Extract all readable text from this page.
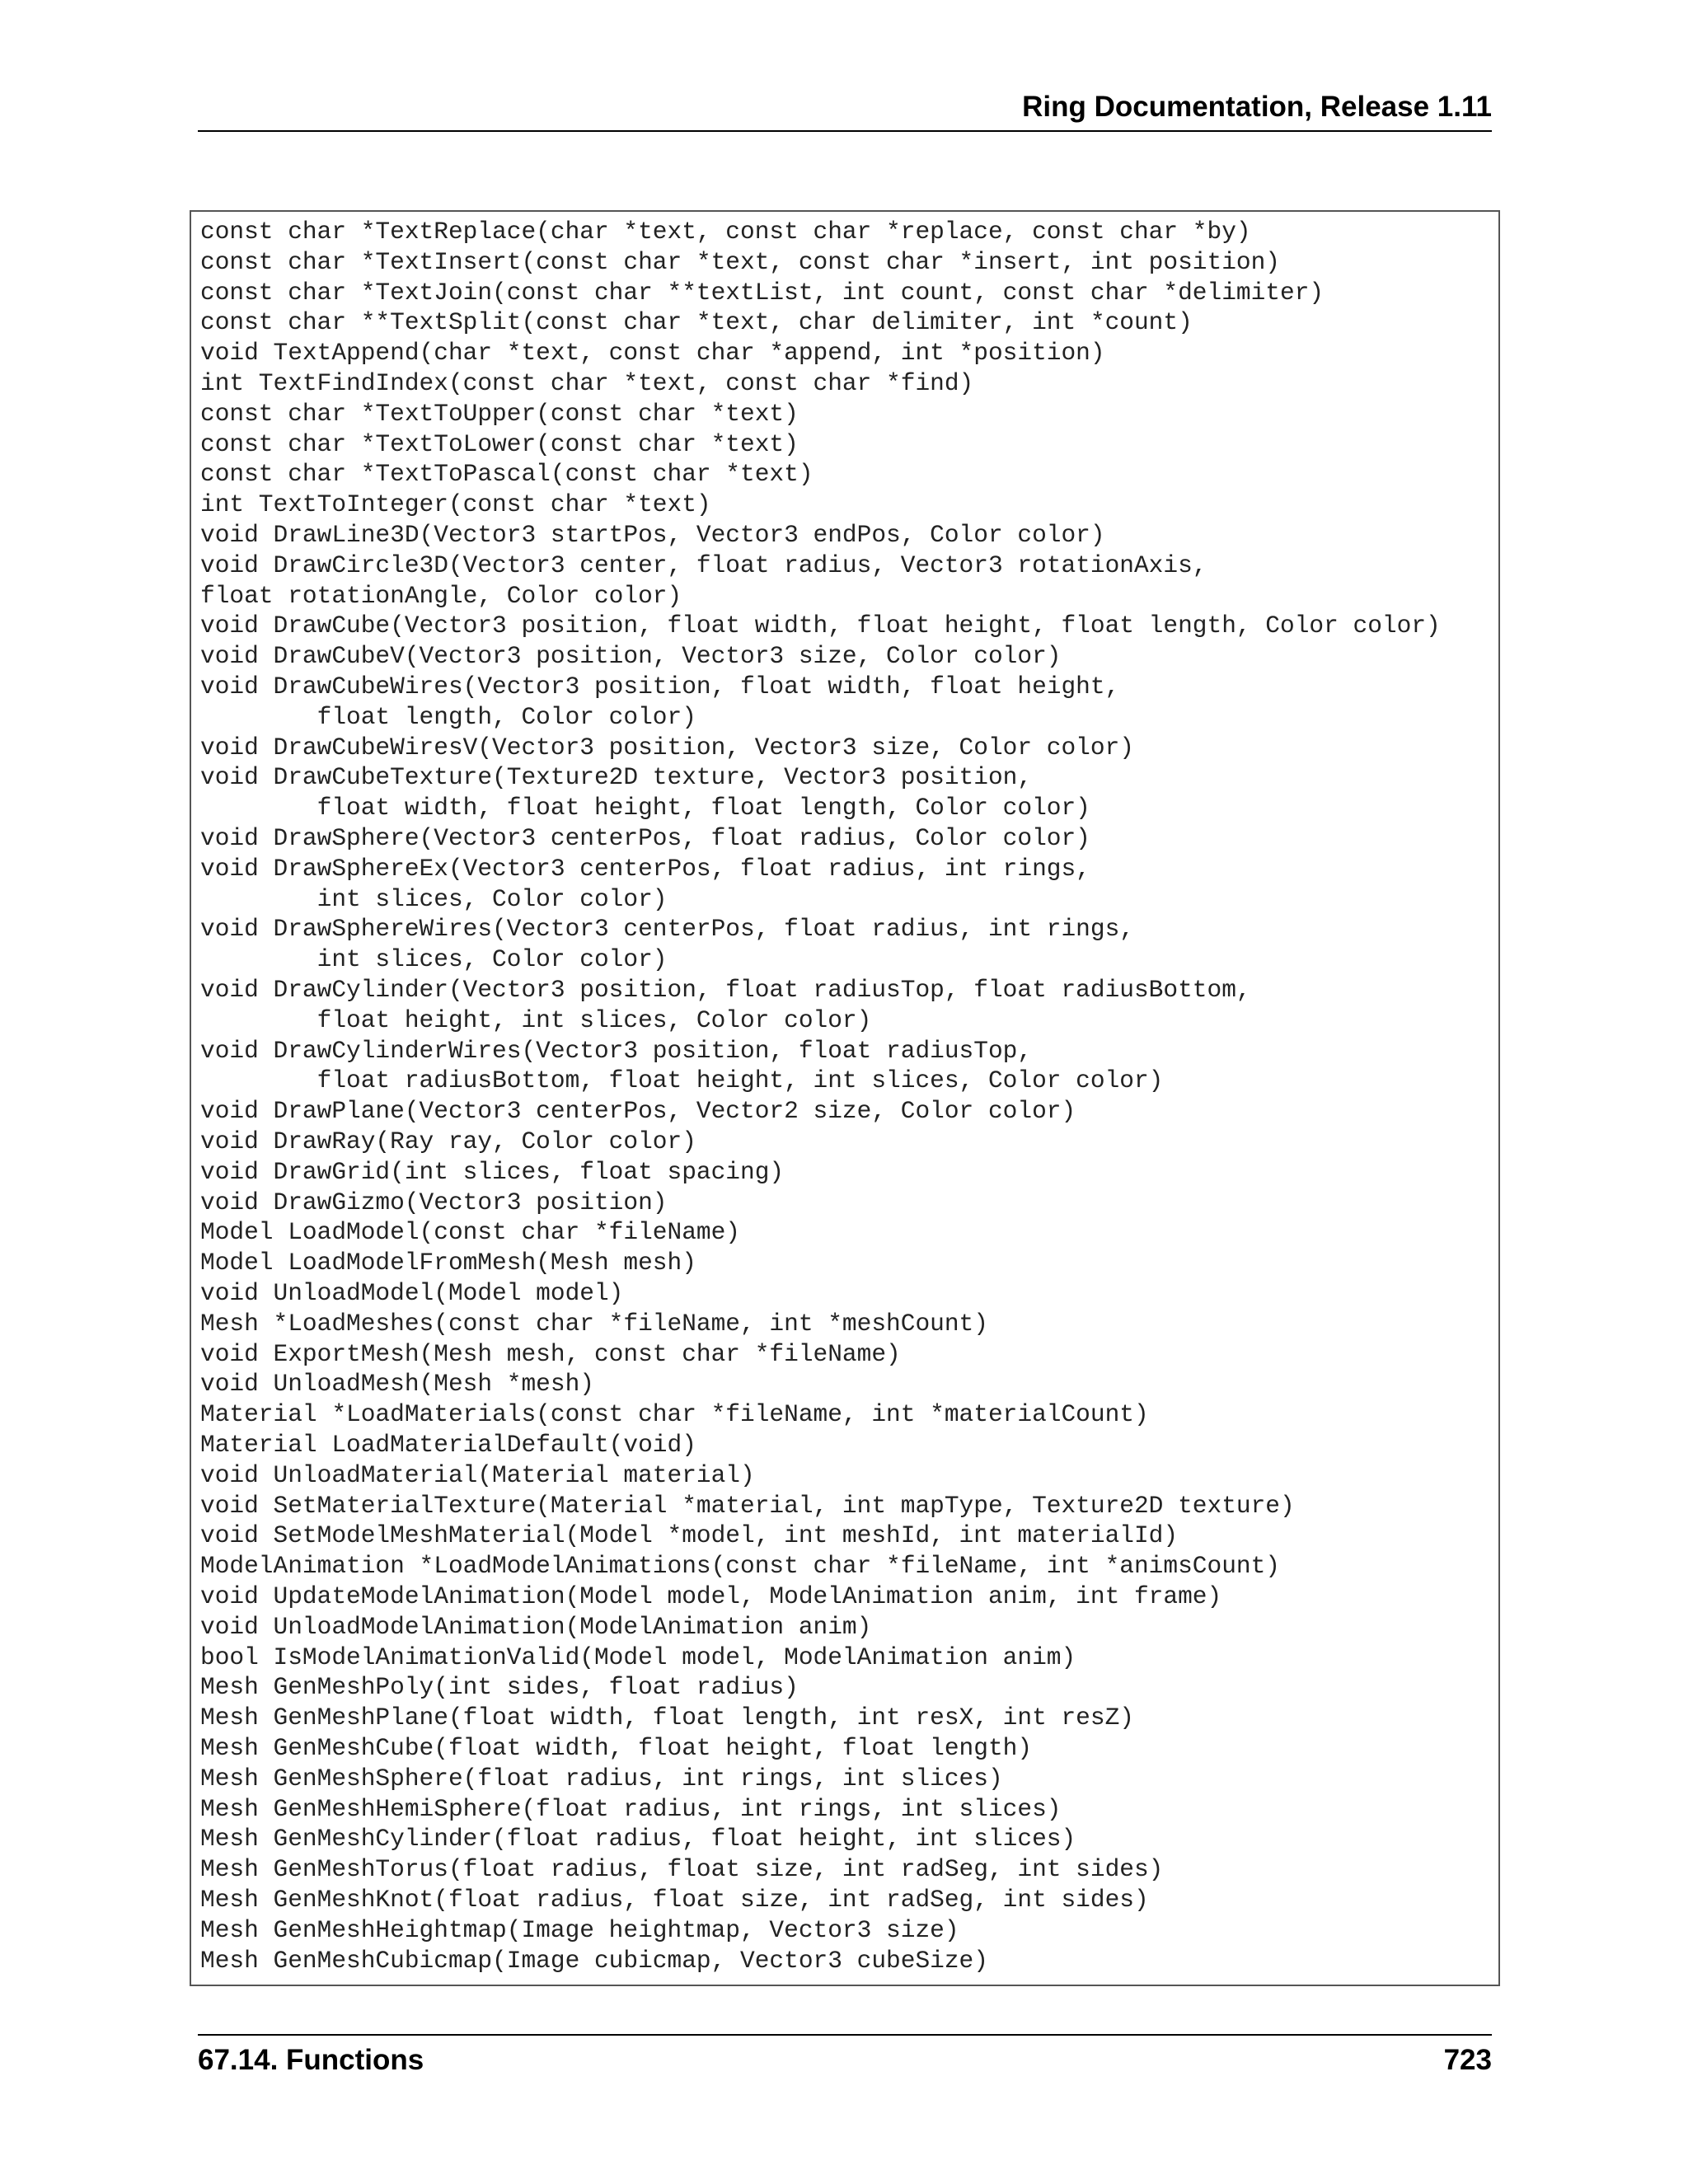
Ring Documentation, Release 1.11
const char *TextReplace(char *text, const char *replace, const char *by)
const char *TextInsert(const char *text, const char *insert, int position)
const char *TextJoin(const char **textList, int count, const char *delimiter)
const char **TextSplit(const char *text, char delimiter, int *count)
void TextAppend(char *text, const char *append, int *position)
int TextFindIndex(const char *text, const char *find)
const char *TextToUpper(const char *text)
const char *TextToLower(const char *text)
const char *TextToPascal(const char *text)
int TextToInteger(const char *text)
void DrawLine3D(Vector3 startPos, Vector3 endPos, Color color)
void DrawCircle3D(Vector3 center, float radius, Vector3 rotationAxis,
float rotationAngle, Color color)
void DrawCube(Vector3 position, float width, float height, float length, Color color)
void DrawCubeV(Vector3 position, Vector3 size, Color color)
void DrawCubeWires(Vector3 position, float width, float height,
float length, Color color)
void DrawCubeWiresV(Vector3 position, Vector3 size, Color color)
void DrawCubeTexture(Texture2D texture, Vector3 position,
float width, float height, float length, Color color)
void DrawSphere(Vector3 centerPos, float radius, Color color)
void DrawSphereEx(Vector3 centerPos, float radius, int rings,
int slices, Color color)
void DrawSphereWires(Vector3 centerPos, float radius, int rings,
int slices, Color color)
void DrawCylinder(Vector3 position, float radiusTop, float radiusBottom,
float height, int slices, Color color)
void DrawCylinderWires(Vector3 position, float radiusTop,
float radiusBottom, float height, int slices, Color color)
void DrawPlane(Vector3 centerPos, Vector2 size, Color color)
void DrawRay(Ray ray, Color color)
void DrawGrid(int slices, float spacing)
void DrawGizmo(Vector3 position)
Model LoadModel(const char *fileName)
Model LoadModelFromMesh(Mesh mesh)
void UnloadModel(Model model)
Mesh *LoadMeshes(const char *fileName, int *meshCount)
void ExportMesh(Mesh mesh, const char *fileName)
void UnloadMesh(Mesh *mesh)
Material *LoadMaterials(const char *fileName, int *materialCount)
Material LoadMaterialDefault(void)
void UnloadMaterial(Material material)
void SetMaterialTexture(Material *material, int mapType, Texture2D texture)
void SetModelMeshMaterial(Model *model, int meshId, int materialId)
ModelAnimation *LoadModelAnimations(const char *fileName, int *animsCount)
void UpdateModelAnimation(Model model, ModelAnimation anim, int frame)
void UnloadModelAnimation(ModelAnimation anim)
bool IsModelAnimationValid(Model model, ModelAnimation anim)
Mesh GenMeshPoly(int sides, float radius)
Mesh GenMeshPlane(float width, float length, int resX, int resZ)
Mesh GenMeshCube(float width, float height, float length)
Mesh GenMeshSphere(float radius, int rings, int slices)
Mesh GenMeshHemiSphere(float radius, int rings, int slices)
Mesh GenMeshCylinder(float radius, float height, int slices)
Mesh GenMeshTorus(float radius, float size, int radSeg, int sides)
Mesh GenMeshKnot(float radius, float size, int radSeg, int sides)
Mesh GenMeshHeightmap(Image heightmap, Vector3 size)
Mesh GenMeshCubicmap(Image cubicmap, Vector3 cubeSize)
67.14. Functions	723
